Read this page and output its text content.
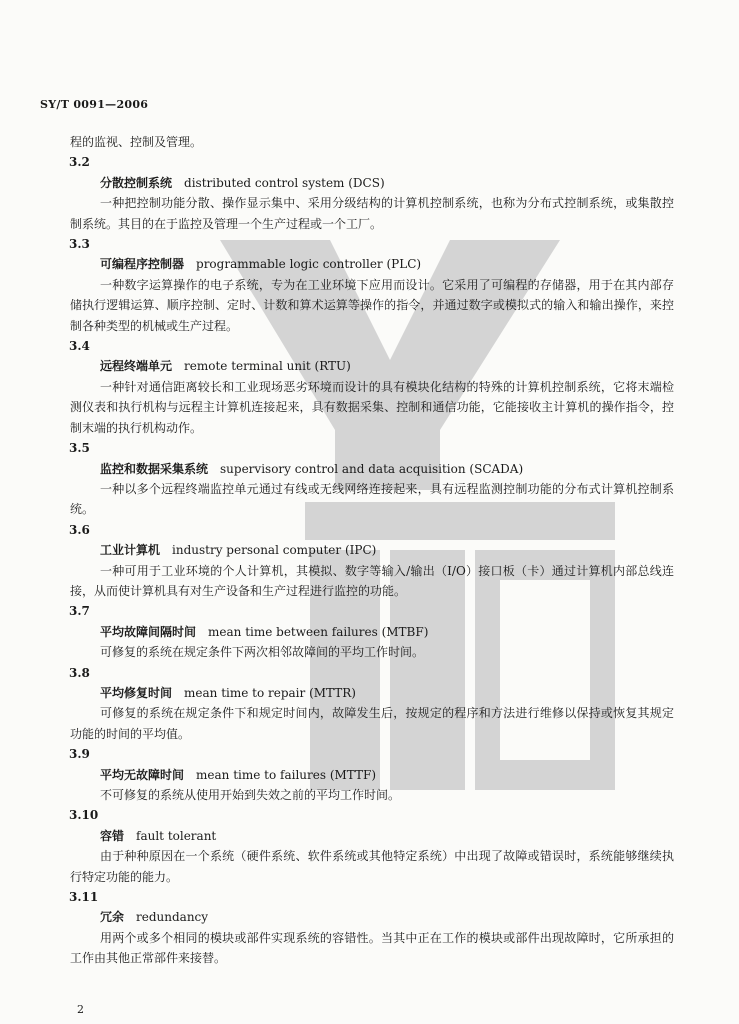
SY/T 0091—2006

程的监视、控制及管理。

3.2
分散控制系统 distributed control system (DCS)

一种把控制功能分散、操作显示集中、采用分级结构的计算机控制系统，也称为分布式控制系统，或集散控制系统。其目的在于监控及管理一个生产过程或一个工厂。

3.3
可编程序控制器 programmable logic controller (PLC)

一种数字运算操作的电子系统，专为在工业环境下应用而设计。它采用了可编程的存储器，用于在其内部存储执行逻辑运算、顺序控制、定时、计数和算术运算等操作的指令，并通过数字或模拟式的输入和输出操作，来控制各种类型的机械或生产过程。

3.4
远程终端单元 remote terminal unit (RTU)

一种针对通信距离较长和工业现场恶劣环境而设计的具有模块化结构的特殊的计算机控制系统，它将末端检测仪表和执行机构与远程主计算机连接起来，具有数据采集、控制和通信功能，它能接收主计算机的操作指令，控制末端的执行机构动作。

3.5
监控和数据采集系统 supervisory control and data acquisition (SCADA)

一种以多个远程终端监控单元通过有线或无线网络连接起来，具有远程监测控制功能的分布式计算机控制系统。

3.6
工业计算机 industry personal computer (IPC)

一种可用于工业环境的个人计算机，其模拟、数字等输入/输出（I/O）接口板（卡）通过计算机内部总线连接，从而使计算机具有对生产设备和生产过程进行监控的功能。

3.7
平均故障间隔时间 mean time between failures (MTBF)

可修复的系统在规定条件下两次相邻故障间的平均工作时间。

3.8
平均修复时间 mean time to repair (MTTR)

可修复的系统在规定条件下和规定时间内，故障发生后，按规定的程序和方法进行维修以保持或恢复其规定功能的时间的平均值。

3.9
平均无故障时间 mean time to failures (MTTF)

不可修复的系统从使用开始到失效之前的平均工作时间。

3.10
容错 fault tolerant

由于种种原因在一个系统（硬件系统、软件系统或其他特定系统）中出现了故障或错误时，系统能够继续执行特定功能的能力。

3.11
冗余 redundancy

用两个或多个相同的模块或部件实现系统的容错性。当其中正在工作的模块或部件出现故障时，它所承担的工作由其他正常部件来接替。

2
